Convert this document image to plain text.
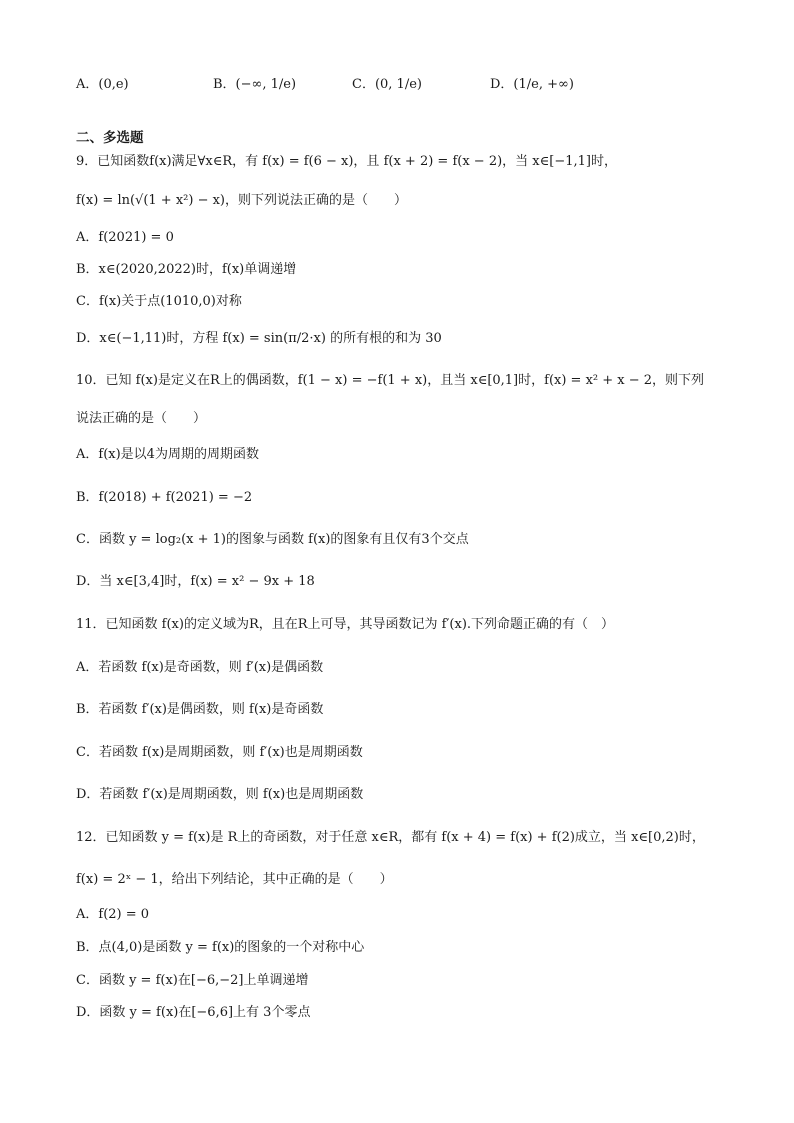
A．(0,e)	B．(−∞, 1/e)	C．(0, 1/e)	D．(1/e, +∞)
二、多选题
9．已知函数f(x)满足∀x∈R，有 f(x) = f(6 − x)，且 f(x + 2) = f(x − 2)，当 x∈[−1,1]时，
f(x) = ln(√(1 + x²) − x)，则下列说法正确的是（　　）
A．f(2021) = 0
B．x∈(2020,2022)时，f(x)单调递增
C．f(x)关于点(1010,0)对称
D．x∈(−1,11)时，方程 f(x) = sin(π/2·x) 的所有根的和为 30
10．已知 f(x)是定义在R上的偶函数，f(1 − x) = −f(1 + x)，且当 x∈[0,1]时，f(x) = x² + x − 2，则下列
说法正确的是（　　）
A．f(x)是以4为周期的周期函数
B．f(2018) + f(2021) = −2
C．函数 y = log₂(x + 1)的图象与函数 f(x)的图象有且仅有3个交点
D．当 x∈[3,4]时，f(x) = x² − 9x + 18
11．已知函数 f(x)的定义域为R，且在R上可导，其导函数记为 f′(x).下列命题正确的有（　）
A．若函数 f(x)是奇函数，则 f′(x)是偶函数
B．若函数 f′(x)是偶函数，则 f(x)是奇函数
C．若函数 f(x)是周期函数，则 f′(x)也是周期函数
D．若函数 f′(x)是周期函数，则 f(x)也是周期函数
12．已知函数 y = f(x)是 R上的奇函数，对于任意 x∈R，都有 f(x + 4) = f(x) + f(2)成立，当 x∈[0,2)时，
f(x) = 2ˣ − 1，给出下列结论，其中正确的是（　　）
A．f(2) = 0
B．点(4,0)是函数 y = f(x)的图象的一个对称中心
C．函数 y = f(x)在[−6,−2]上单调递增
D．函数 y = f(x)在[−6,6]上有 3个零点
